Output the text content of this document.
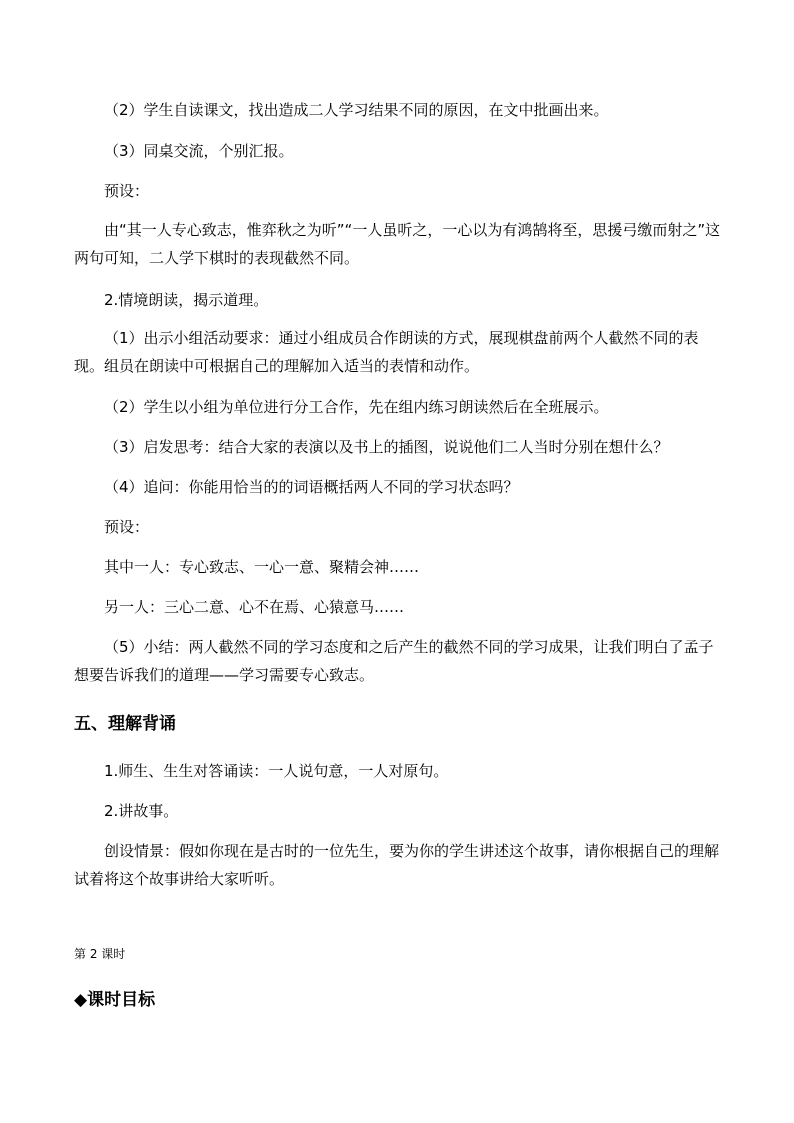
（2）学生自读课文，找出造成二人学习结果不同的原因，在文中批画出来。
（3）同桌交流，个别汇报。
预设：
由“其一人专心致志，惟弈秋之为听”“一人虽听之，一心以为有鸿鹄将至，思援弓缴而射之”这两句可知，二人学下棋时的表现截然不同。
2.情境朗读，揭示道理。
（1）出示小组活动要求：通过小组成员合作朗读的方式，展现棋盘前两个人截然不同的表现。组员在朗读中可根据自己的理解加入适当的表情和动作。
（2）学生以小组为单位进行分工合作，先在组内练习朗读然后在全班展示。
（3）启发思考：结合大家的表演以及书上的插图，说说他们二人当时分别在想什么？
（4）追问：你能用恰当的的词语概括两人不同的学习状态吗？
预设：
其中一人：专心致志、一心一意、聚精会神……
另一人：三心二意、心不在焉、心猿意马……
（5）小结：两人截然不同的学习态度和之后产生的截然不同的学习成果，让我们明白了孟子想要告诉我们的道理——学习需要专心致志。
五、理解背诵
1.师生、生生对答诵读：一人说句意，一人对原句。
2.讲故事。
创设情景：假如你现在是古时的一位先生，要为你的学生讲述这个故事，请你根据自己的理解试着将这个故事讲给大家听听。
第 2 课时
◆课时目标
